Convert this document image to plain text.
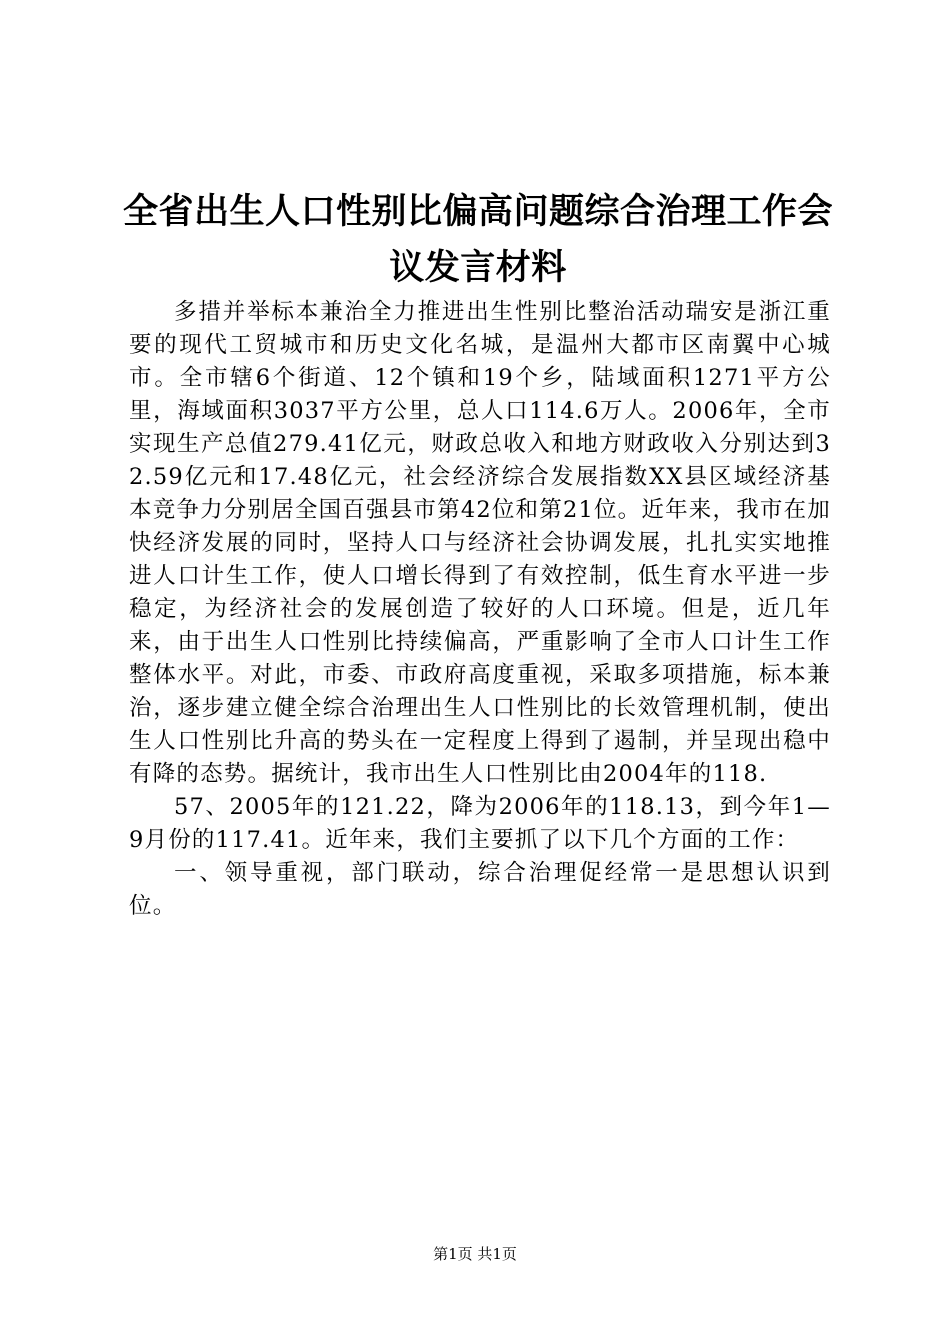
全省出生人口性别比偏高问题综合治理工作会议发言材料

多措并举标本兼治全力推进出生性别比整治活动瑞安是浙江重要的现代工贸城市和历史文化名城，是温州大都市区南翼中心城市。全市辖6个街道、12个镇和19个乡，陆域面积1271平方公里，海域面积3037平方公里，总人口114.6万人。2006年，全市实现生产总值279.41亿元，财政总收入和地方财政收入分别达到32.59亿元和17.48亿元，社会经济综合发展指数XX县区域经济基本竞争力分别居全国百强县市第42位和第21位。近年来，我市在加快经济发展的同时，坚持人口与经济社会协调发展，扎扎实实地推进人口计生工作，使人口增长得到了有效控制，低生育水平进一步稳定，为经济社会的发展创造了较好的人口环境。但是，近几年来，由于出生人口性别比持续偏高，严重影响了全市人口计生工作整体水平。对此，市委、市政府高度重视，采取多项措施，标本兼治，逐步建立健全综合治理出生人口性别比的长效管理机制，使出生人口性别比升高的势头在一定程度上得到了遏制，并呈现出稳中有降的态势。据统计，我市出生人口性别比由2004年的118.

57、2005年的121.22，降为2006年的118.13，到今年1—9月份的117.41。近年来，我们主要抓了以下几个方面的工作：

一、领导重视，部门联动，综合治理促经常一是思想认识到位。

第1页 共1页
